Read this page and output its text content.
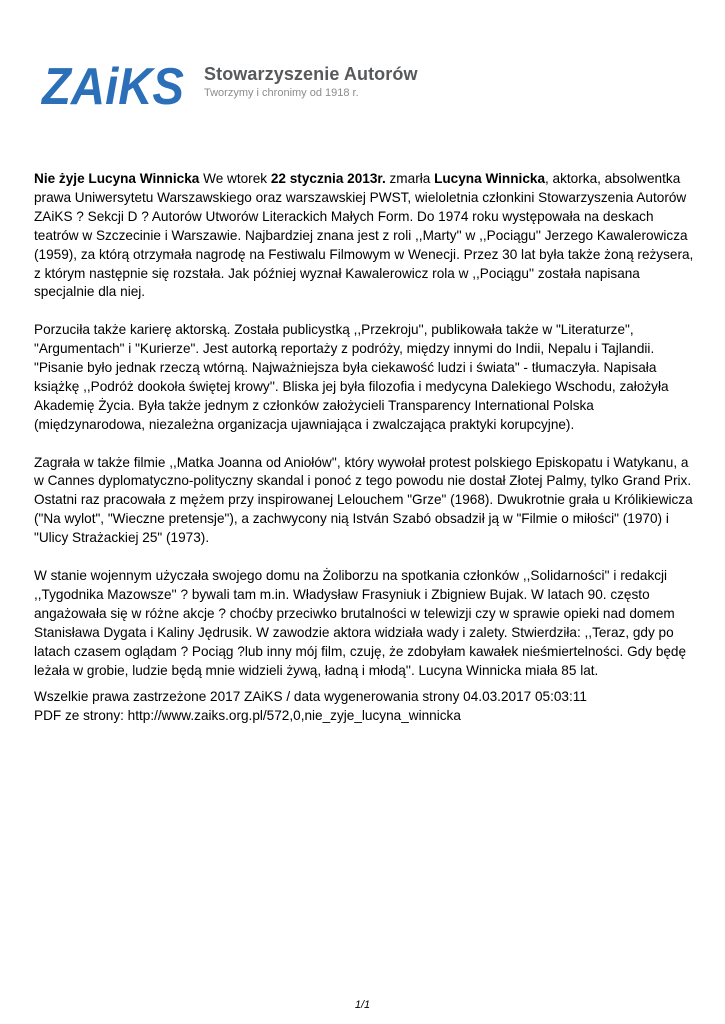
ZAiKS Stowarzyszenie Autorów
Tworzymy i chronimy od 1918 r.

Nie żyje Lucyna Winnicka We wtorek 22 stycznia 2013r. zmarła Lucyna Winnicka, aktorka, absolwentka prawa Uniwersytetu Warszawskiego oraz warszawskiej PWST, wieloletnia członkini Stowarzyszenia Autorów ZAiKS ? Sekcji D ? Autorów Utworów Literackich Małych Form. Do 1974 roku występowała na deskach teatrów w Szczecinie i Warszawie. Najbardziej znana jest z roli ,,Marty'' w ,,Pociągu'' Jerzego Kawalerowicza (1959), za którą otrzymała nagrodę na Festiwalu Filmowym w Wenecji. Przez 30 lat była także żoną reżysera, z którym następnie się rozstała. Jak później wyznał Kawalerowicz rola w ,,Pociągu'' została napisana specjalnie dla niej.

Porzuciła także karierę aktorską. Została publicystką ,,Przekroju'', publikowała także w "Literaturze", "Argumentach" i "Kurierze". Jest autorką reportaży z podróży, między innymi do Indii, Nepalu i Tajlandii. "Pisanie było jednak rzeczą wtórną. Najważniejsza była ciekawość ludzi i świata" - tłumaczyła. Napisała książkę ,,Podróż dookoła świętej krowy''. Bliska jej była filozofia i medycyna Dalekiego Wschodu, założyła Akademię Życia. Była także jednym z członków założycieli Transparency International Polska (międzynarodowa, niezależna organizacja ujawniająca i zwalczająca praktyki korupcyjne).

Zagrała w także filmie ,,Matka Joanna od Aniołów'', który wywołał protest polskiego Episkopatu i Watykanu, a w Cannes dyplomatyczno-polityczny skandal i ponoć z tego powodu nie dostał Złotej Palmy, tylko Grand Prix. Ostatni raz pracowała z mężem przy inspirowanej Lelouchem "Grze" (1968). Dwukrotnie grała u Królikiewicza ("Na wylot", "Wieczne pretensje"), a zachwycony nią István Szabó obsadził ją w "Filmie o miłości" (1970) i "Ulicy Strażackiej 25" (1973).

W stanie wojennym użyczała swojego domu na Żoliborzu na spotkania członków ,,Solidarności'' i redakcji ,,Tygodnika Mazowsze'' ? bywali tam m.in. Władysław Frasyniuk i Zbigniew Bujak. W latach 90. często angażowała się w różne akcje ? choćby przeciwko brutalności w telewizji czy w sprawie opieki nad domem Stanisława Dygata i Kaliny Jędrusik. W zawodzie aktora widziała wady i zalety. Stwierdziła: ,,Teraz, gdy po latach czasem oglądam ? Pociąg ?lub inny mój film, czuję, że zdobyłam kawałek nieśmiertelności. Gdy będę leżała w grobie, ludzie będą mnie widzieli żywą, ładną i młodą''. Lucyna Winnicka miała 85 lat.

Wszelkie prawa zastrzeżone 2017 ZAiKS / data wygenerowania strony 04.03.2017 05:03:11
PDF ze strony: http://www.zaiks.org.pl/572,0,nie_zyje_lucyna_winnicka
1/1
